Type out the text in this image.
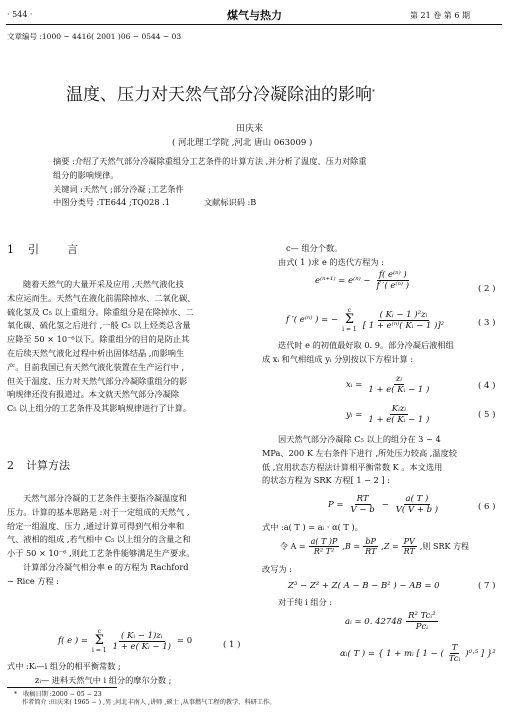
· 544 ·	煤气与热力	第 21 卷 第 6 期
文章编号 :1000 − 4416( 2001 )06 − 0544 − 03
温度、压力对天然气部分冷凝除油的影响*
田庆来
( 河北理工学院 ,河北 唐山 063009 )

摘要 :介绍了天然气部分冷凝除重组分工艺条件的计算方法 ,并分析了温度、压力对除重

组分的影响规律。

关键词 :天然气 ;部分冷凝 ;工艺条件

中图分类号 :TE644 ;TQ028 .1	文献标识码 :B

1 引　　言

随着天然气的大量开采及应用 ,天然气液化技

术应运而生。天然气在液化前需除掉水、二氧化碳、

硫化氢及 C₅ 以上重组分。除重组分是在除掉水、二

氧化碳、硫化氢之后进行 ,一般 C₅ 以上烃类总含量

应降至 50 × 10⁻⁶以下。除重组分的目的是防止其

在后续天然气液化过程中析出固体结晶 ,而影响生

产。目前我国已有天然气液化装置在生产运行中 ,

但关于温度、压力对天然气部分冷凝除重组分的影

响规律还没有报道过。本文就天然气部分冷凝除

C₅ 以上组分的工艺条件及其影响规律进行了计算。

2 计算方法

天然气部分冷凝的工艺条件主要指冷凝温度和

压力。计算的基本思路是 :对于一定组成的天然气 ,

给定一组温度、压力 ,通过计算可得到气相分率和

气、液相的组成 ,若气相中 C₅ 以上组分的含量之和

小于 50 × 10⁻⁶ ,则此工艺条件能够满足生产要求。

计算部分冷凝气相分率 e 的方程为 Rachford

− Rice 方程 :

f( e ) =
c
Σ
$i = 1 \frac{\text{( Kᵢ − 1)zᵢ}}{\text{1 + e( Kᵢ − 1)}} = 0$	( 1 )

式中 :Kᵢ—i 组分的相平衡常数 ;

zᵢ— 进料天然气中 i 组分的摩尔分数 ;

c— 组分个数。

由式( 1 )求 e 的迭代方程为 :

$e^{(n+1)} = e^{(n)} - \frac{\text{f( e⁽ⁿ⁾ )}}{\text{f ′( e⁽ⁿ⁾ )}}$	( 2 )
f ′( e⁽ⁿ⁾ ) = −
c
Σ
$i = 1 \frac{\text{( Kᵢ − 1 )²zᵢ}}{\text{[ 1 + e⁽ⁿ⁾( Kᵢ − 1 )]²}}$	( 3 )

迭代时 e 的初值最好取 0. 9。部分冷凝后液相组

成 xᵢ 和气相组成 yᵢ 分别按以下方程计算 :

xᵢ = $\frac{\text{zᵢ}}{\text{1 + e( Kᵢ − 1 )}}$	( 4 )
yᵢ = $\frac{\text{Kᵢzᵢ}}{\text{1 + e( Kᵢ − 1 )}}$	( 5 )

因天然气部分冷凝除 C₅ 以上的组分在 3 ~ 4

MPa、200 K 左右条件下进行 ,所处压力较高 ,温度较

低 ,宜用状态方程法计算相平衡常数 K 。本文选用

的状态方程为 SRK 方程[ 1 − 2 ] :

$P = \frac{RT}{V - b} - \frac{a( T )}{V( V + b )}$	( 6 )
式中 :a( T ) = aᵢ · α( T )。
令 $A = \frac{a( T )P}{\text{R² T²}} ,B = \frac{bP}{RT} ,Z = \frac{PV}{RT}$ ,则 SRK 方程
改写为 :
Z³ − Z² + Z( A − B − B² ) − AB = 0	( 7 )
对于纯 i 组分 :
aᵢ = 0. $42748 \frac{\text{R² Tcᵢ²}}{\text{Pcᵢ}}$
αᵢ( T ) = { 1 + mᵢ [ 1 − ( $\frac{T}{\text{Tcᵢ}} )^0\cdot^5$ ] }²

* 收稿日期 :2000 − 05 − 23

作者简介 :田庆来( 1965 − ) ,男 ,河北丰南人 ,讲师 ,硕士 ,从事燃气工程的教学、科研工作。
